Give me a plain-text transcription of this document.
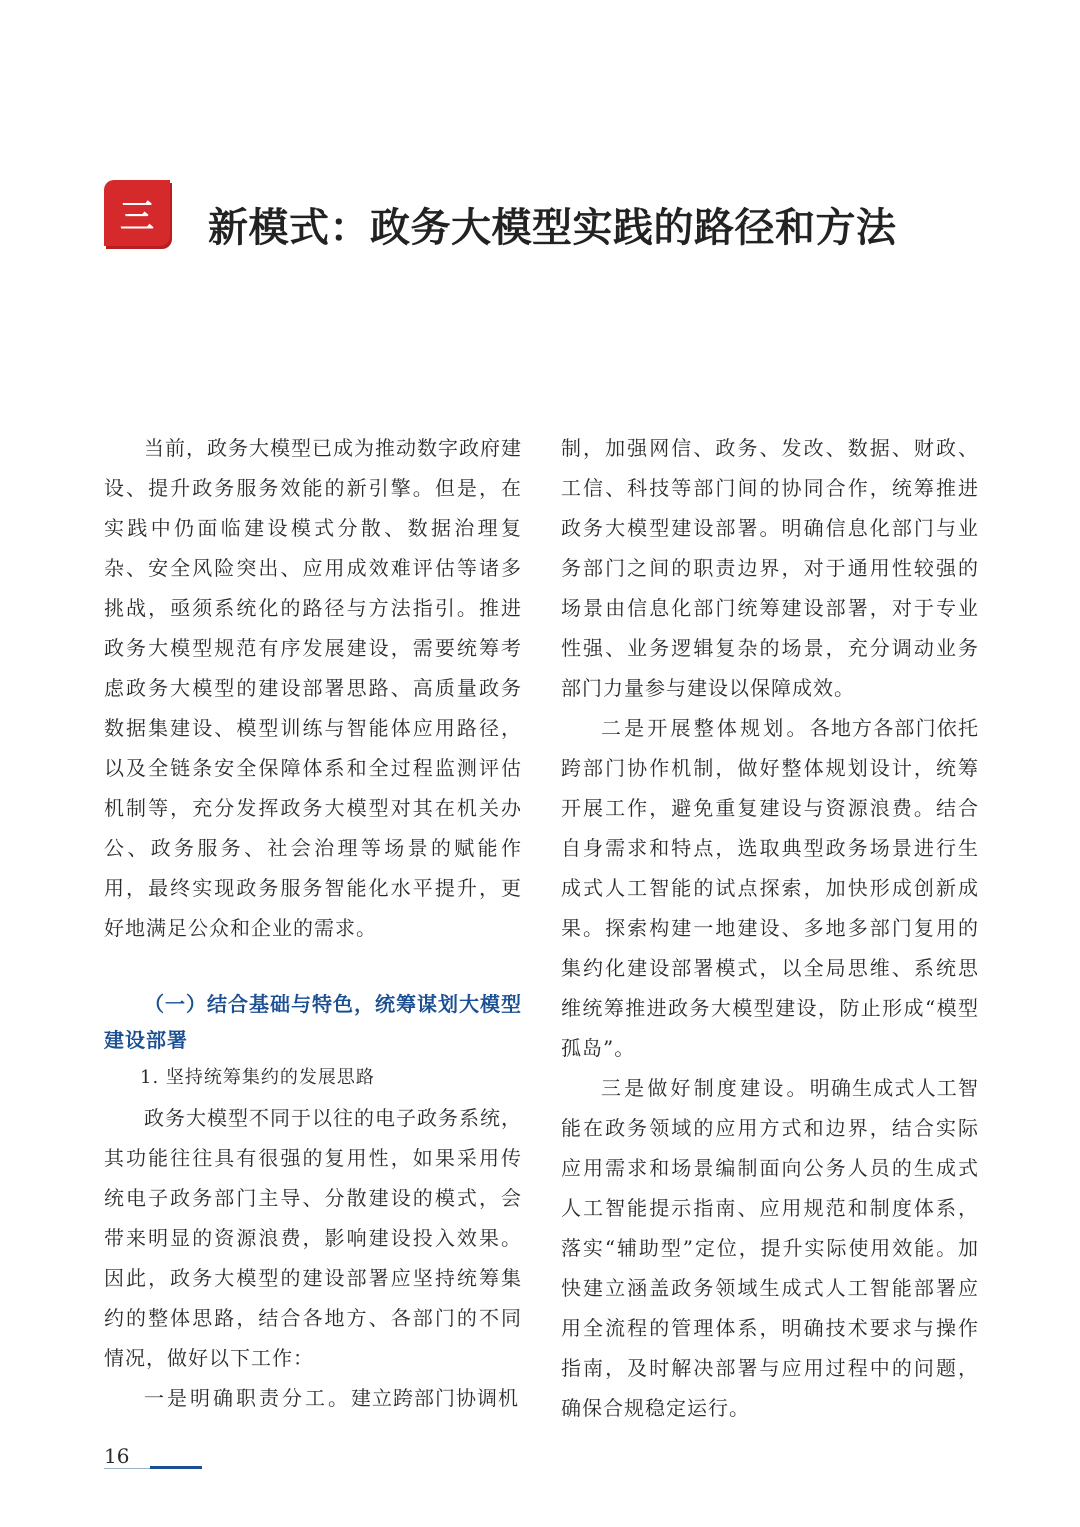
三	新模式：政务大模型实践的路径和方法

当前，政务大模型已成为推动数字政府建设、提升政务服务效能的新引擎。但是，在实践中仍面临建设模式分散、数据治理复杂、安全风险突出、应用成效难评估等诸多挑战，亟须系统化的路径与方法指引。推进政务大模型规范有序发展建设，需要统筹考虑政务大模型的建设部署思路、高质量政务数据集建设、模型训练与智能体应用路径，以及全链条安全保障体系和全过程监测评估机制等，充分发挥政务大模型对其在机关办公、政务服务、社会治理等场景的赋能作用，最终实现政务服务智能化水平提升，更好地满足公众和企业的需求。

（一）结合基础与特色，统筹谋划大模型建设部署

1. 坚持统筹集约的发展思路

政务大模型不同于以往的电子政务系统，其功能往往具有很强的复用性，如果采用传统电子政务部门主导、分散建设的模式，会带来明显的资源浪费，影响建设投入效果。因此，政务大模型的建设部署应坚持统筹集约的整体思路，结合各地方、各部门的不同情况，做好以下工作：

一是明确职责分工。建立跨部门协调机

制，加强网信、政务、发改、数据、财政、工信、科技等部门间的协同合作，统筹推进政务大模型建设部署。明确信息化部门与业务部门之间的职责边界，对于通用性较强的场景由信息化部门统筹建设部署，对于专业性强、业务逻辑复杂的场景，充分调动业务部门力量参与建设以保障成效。

二是开展整体规划。各地方各部门依托跨部门协作机制，做好整体规划设计，统筹开展工作，避免重复建设与资源浪费。结合自身需求和特点，选取典型政务场景进行生成式人工智能的试点探索，加快形成创新成果。探索构建一地建设、多地多部门复用的集约化建设部署模式，以全局思维、系统思维统筹推进政务大模型建设，防止形成“模型孤岛”。

三是做好制度建设。明确生成式人工智能在政务领域的应用方式和边界，结合实际应用需求和场景编制面向公务人员的生成式人工智能提示指南、应用规范和制度体系，落实“辅助型”定位，提升实际使用效能。加快建立涵盖政务领域生成式人工智能部署应用全流程的管理体系，明确技术要求与操作指南，及时解决部署与应用过程中的问题，确保合规稳定运行。

16
